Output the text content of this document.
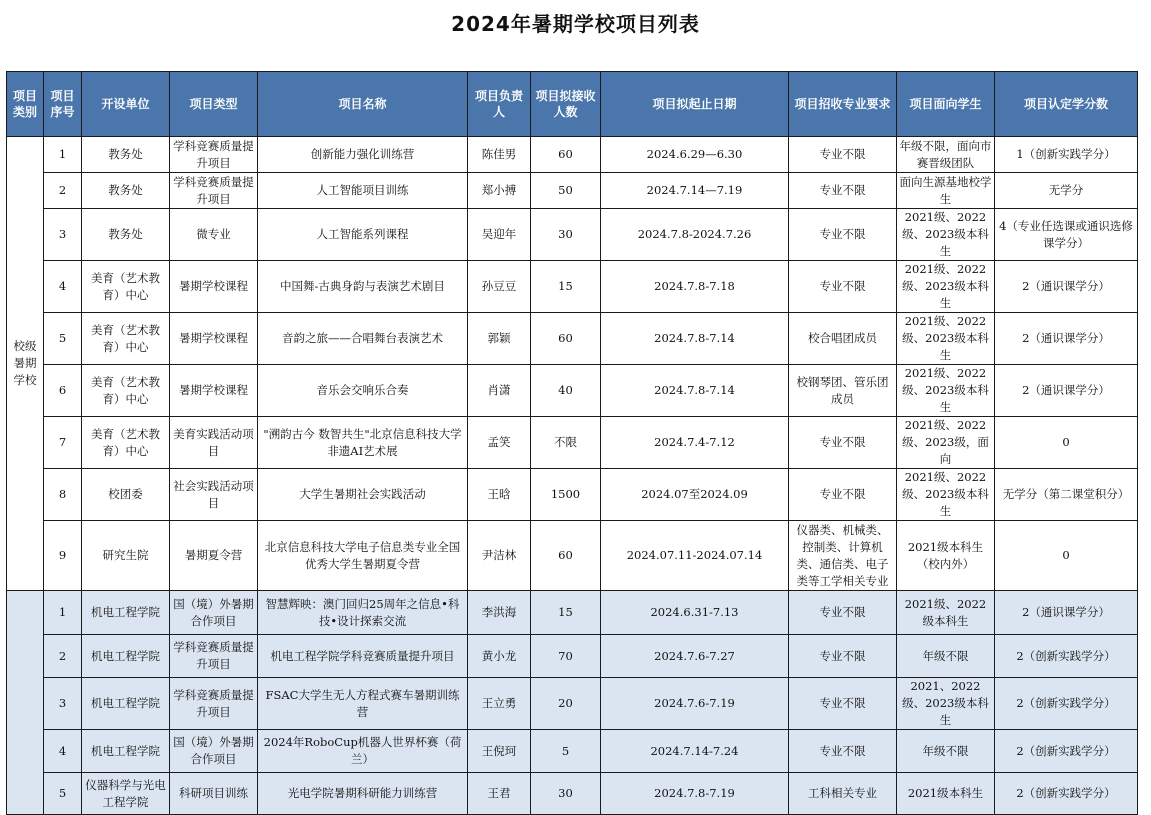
2024年暑期学校项目列表
项目类别	项目序号	开设单位	项目类型	项目名称	项目负责人	项目拟接收人数	项目拟起止日期	项目招收专业要求	项目面向学生	项目认定学分数
校级暑期学校	1	教务处	学科竞赛质量提升项目	创新能力强化训练营	陈佳男	60	2024.6.29—6.30	专业不限	年级不限，面向市赛晋级团队	1（创新实践学分）
	2	教务处	学科竞赛质量提升项目	人工智能项目训练	郑小搏	50	2024.7.14—7.19	专业不限	面向生源基地校学生	无学分
	3	教务处	微专业	人工智能系列课程	吴迎年	30	2024.7.8-2024.7.26	专业不限	2021级、2022级、2023级本科生	4（专业任选课或通识选修课学分）
	4	美育（艺术教育）中心	暑期学校课程	中国舞-古典身韵与表演艺术剧目	孙豆豆	15	2024.7.8-7.18	专业不限	2021级、2022级、2023级本科生	2（通识课学分）
	5	美育（艺术教育）中心	暑期学校课程	音韵之旅——合唱舞台表演艺术	郭颖	60	2024.7.8-7.14	校合唱团成员	2021级、2022级、2023级本科生	2（通识课学分）
	6	美育（艺术教育）中心	暑期学校课程	音乐会交响乐合奏	肖潇	40	2024.7.8-7.14	校钢琴团、管乐团成员	2021级、2022级、2023级本科生	2（通识课学分）
	7	美育（艺术教育）中心	美育实践活动项目	"溯韵古今 数智共生"北京信息科技大学非遗AI艺术展	孟笑	不限	2024.7.4-7.12	专业不限	2021级、2022级、2023级，面向	0
	8	校团委	社会实践活动项目	大学生暑期社会实践活动	王晗	1500	2024.07至2024.09	专业不限	2021级、2022级、2023级本科生	无学分（第二课堂积分）
	9	研究生院	暑期夏令营	北京信息科技大学电子信息类专业全国优秀大学生暑期夏令营	尹洁林	60	2024.07.11-2024.07.14	仪器类、机械类、控制类、计算机类、通信类、电子类等工学相关专业	2021级本科生（校内外）	0
	1	机电工程学院	国（境）外暑期合作项目	智慧辉映：澳门回归25周年之信息•科技•设计探索交流	李洪海	15	2024.6.31-7.13	专业不限	2021级、2022级本科生	2（通识课学分）
	2	机电工程学院	学科竞赛质量提升项目	机电工程学院学科竞赛质量提升项目	黄小龙	70	2024.7.6-7.27	专业不限	年级不限	2（创新实践学分）
	3	机电工程学院	学科竞赛质量提升项目	FSAC大学生无人方程式赛车暑期训练营	王立勇	20	2024.7.6-7.19	专业不限	2021、2022级、2023级本科生	2（创新实践学分）
	4	机电工程学院	国（境）外暑期合作项目	2024年RoboCup机器人世界杯赛（荷兰）	王倪珂	5	2024.7.14-7.24	专业不限	年级不限	2（创新实践学分）
	5	仪器科学与光电工程学院	科研项目训练	光电学院暑期科研能力训练营	王君	30	2024.7.8-7.19	工科相关专业	2021级本科生	2（创新实践学分）
